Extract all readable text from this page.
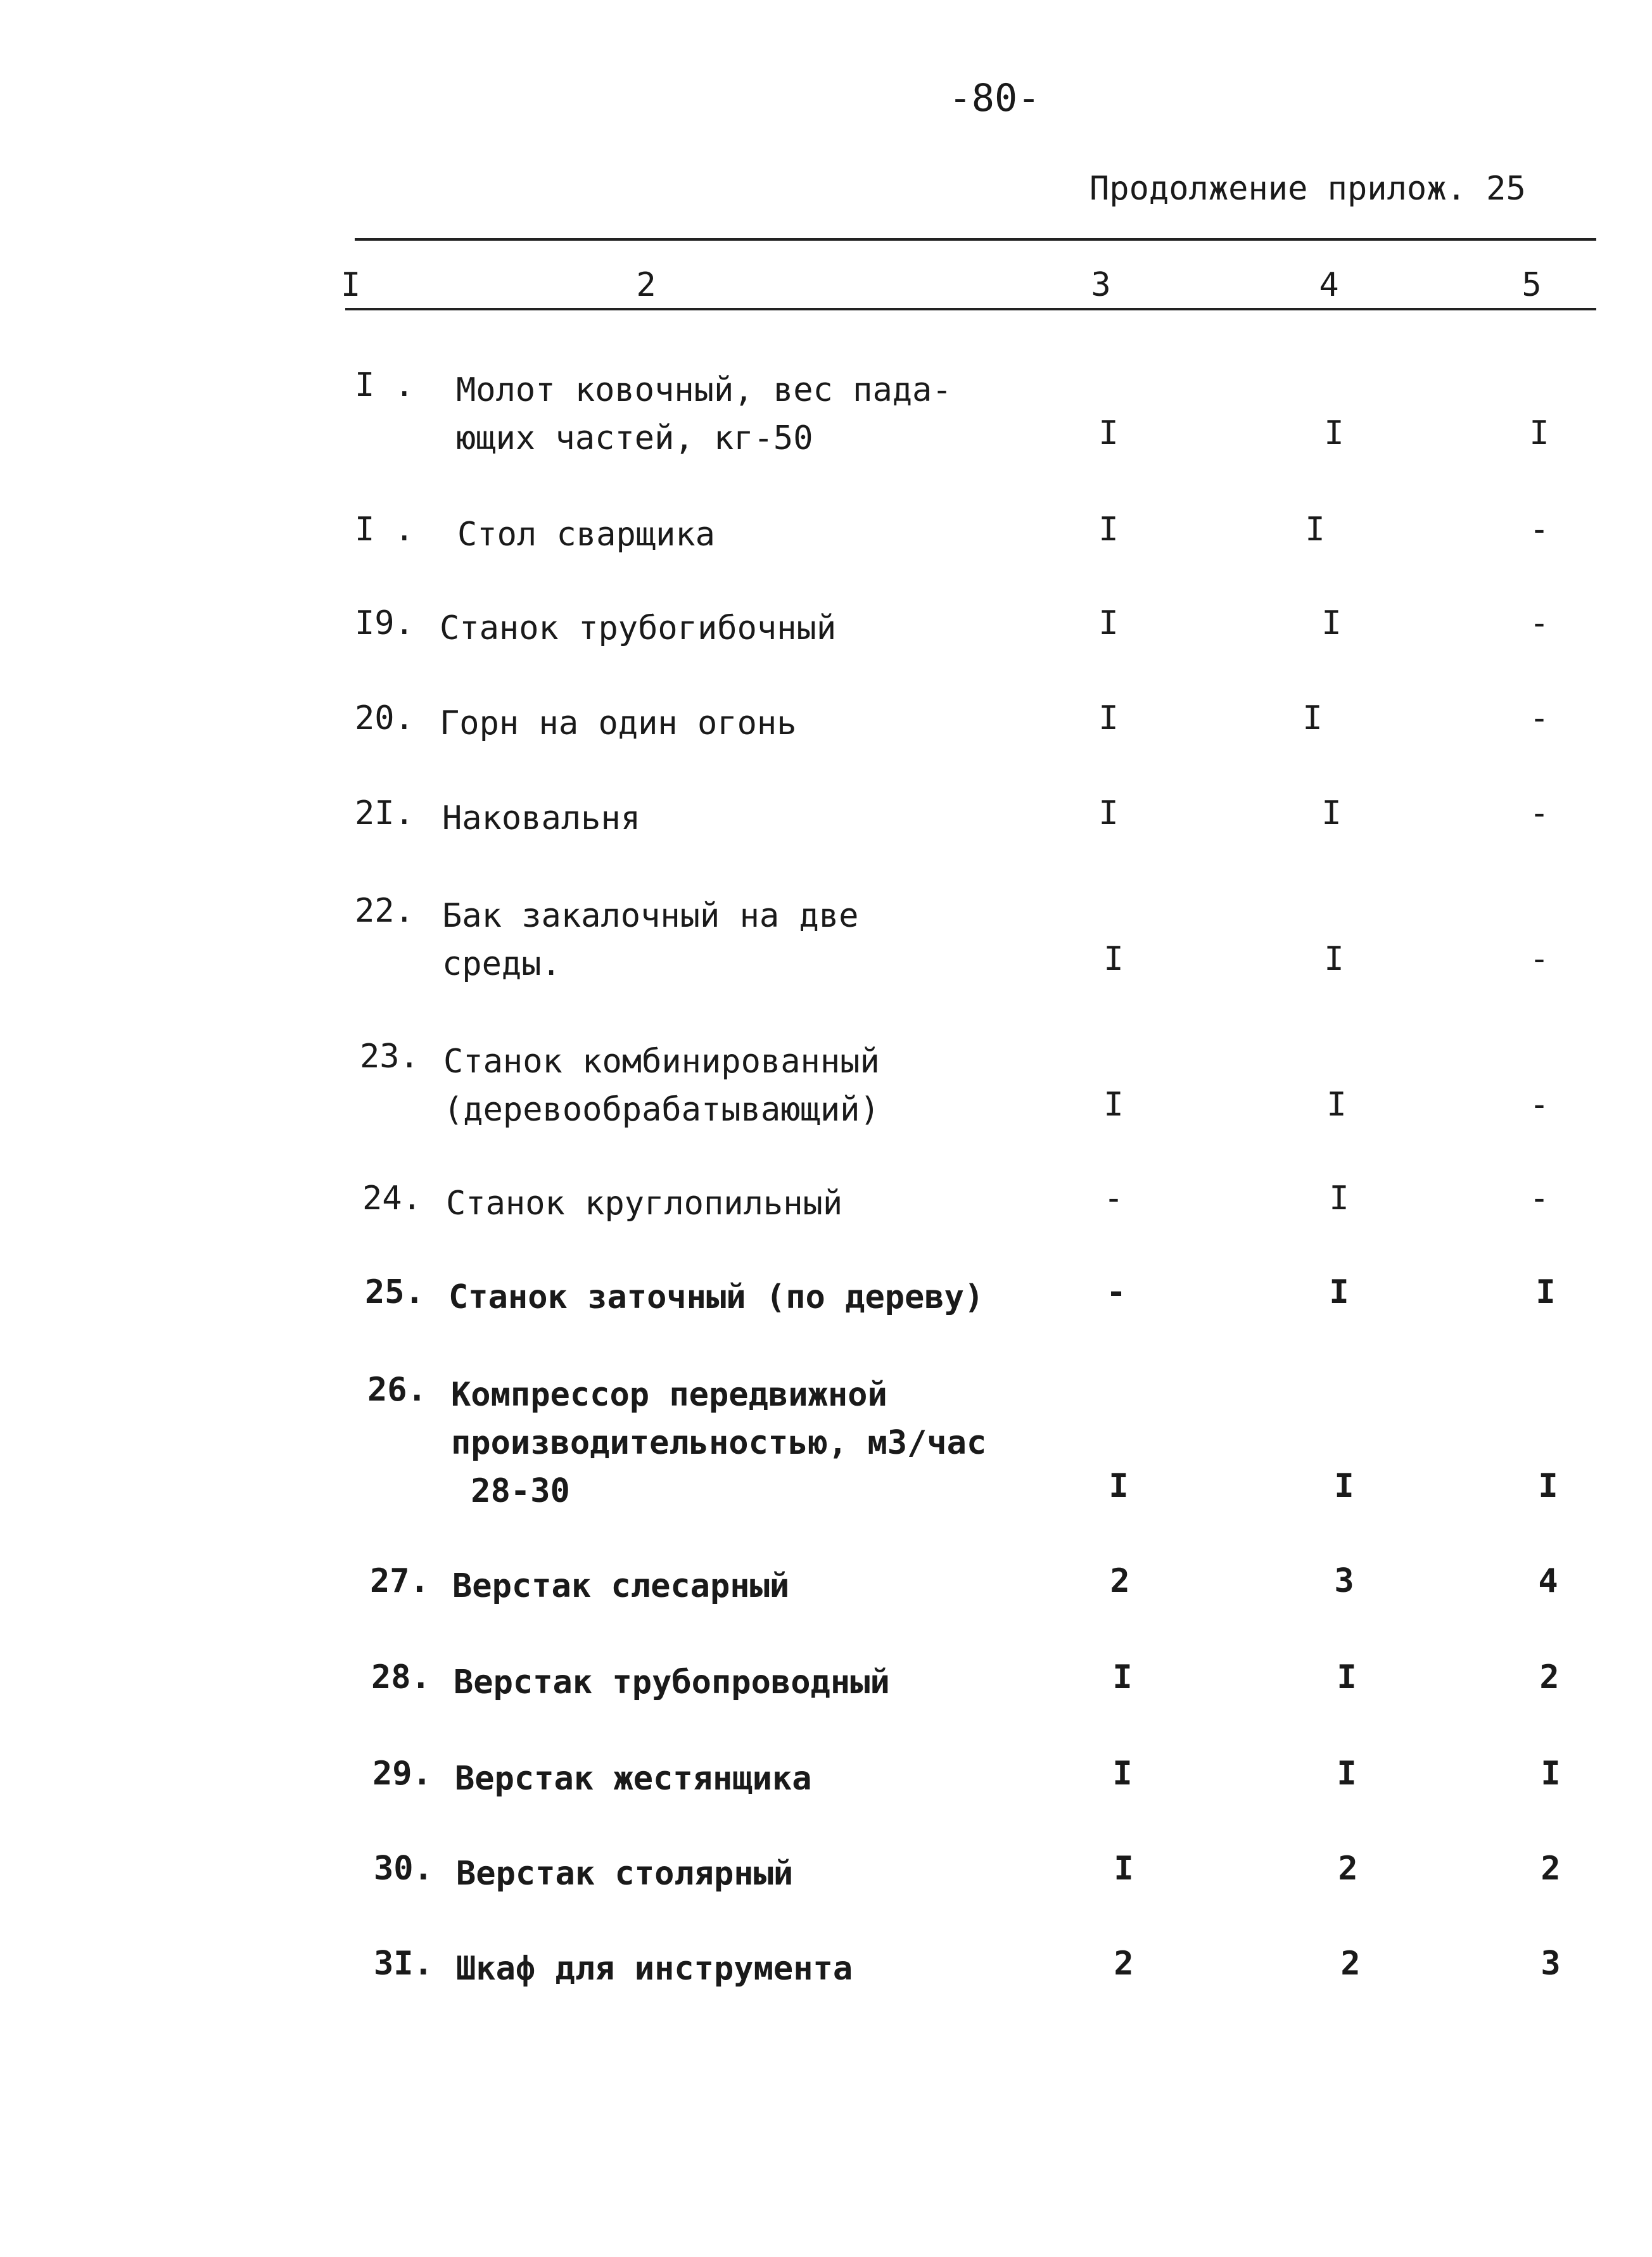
-80-
Продолжение прилож. 25
I	2	3	4	5
I . Молот ковочный, вес пада-
ющих частей, кг-50	I	I	I
I . Стол сварщика	I	I	-
I9. Станок трубогибочный	I	I	-
20. Горн на один огонь	I	I	-
2I. Наковальня	I	I	-
22. Бак закалочный на две
среды.	I	I	-
23. Станок комбинированный
(деревообрабатывающий)	I	I	-
24. Станок круглопильный	-	I	-
25. Станок заточный (по дереву)	-	I	I
26. Компрессор передвижной
производительностью, м3/час
28-30	I	I	I
27. Верстак слесарный	2	3	4
28. Верстак трубопроводный	I	I	2
29. Верстак жестянщика	I	I	I
30. Верстак столярный	I	2	2
3I. Шкаф для инструмента	2	2	3
